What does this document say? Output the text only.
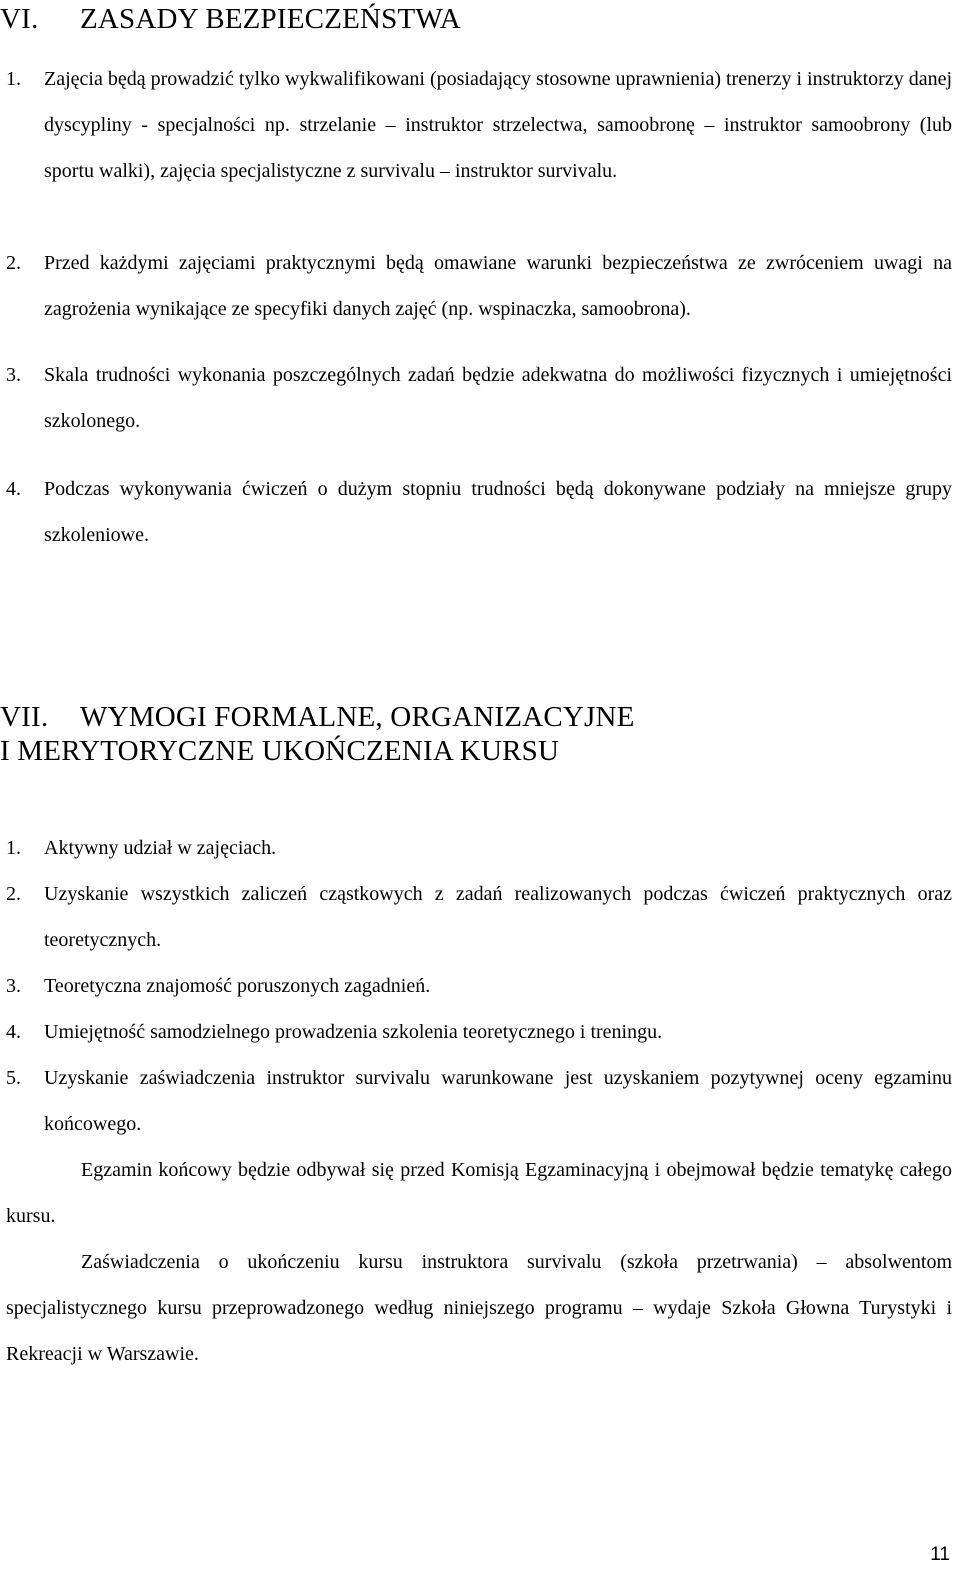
VI. ZASADY BEZPIECZEŃSTWA
1.	Zajęcia będą prowadzić tylko wykwalifikowani (posiadający stosowne uprawnienia) trenerzy i instruktorzy danej dyscypliny - specjalności np. strzelanie – instruktor strzelectwa, samoobronę – instruktor samoobrony (lub sportu walki), zajęcia specjalistyczne z survivalu – instruktor survivalu.
2.	Przed każdymi zajęciami praktycznymi będą omawiane warunki bezpieczeństwa ze zwróceniem uwagi na zagrożenia wynikające ze specyfiki danych zajęć (np. wspinaczka, samoobrona).
3.	Skala trudności wykonania poszczególnych zadań będzie adekwatna do możliwości fizycznych i umiejętności szkolonego.
4.	Podczas wykonywania ćwiczeń o dużym stopniu trudności będą dokonywane podziały na mniejsze grupy szkoleniowe.
VII. WYMOGI FORMALNE, ORGANIZACYJNE
I MERYTORYCZNE UKOŃCZENIA KURSU
1.	Aktywny udział w zajęciach.
2.	Uzyskanie wszystkich zaliczeń cząstkowych z zadań realizowanych podczas ćwiczeń praktycznych oraz teoretycznych.
3.	Teoretyczna znajomość poruszonych zagadnień.
4.	Umiejętność samodzielnego prowadzenia szkolenia teoretycznego i treningu.
5.	Uzyskanie zaświadczenia instruktor survivalu warunkowane jest uzyskaniem pozytywnej oceny egzaminu końcowego.
Egzamin końcowy będzie odbywał się przed Komisją Egzaminacyjną i obejmował będzie tematykę całego kursu.
Zaświadczenia o ukończeniu kursu instruktora survivalu (szkoła przetrwania) – absolwentom specjalistycznego kursu przeprowadzonego według niniejszego programu – wydaje Szkoła Głowna Turystyki i Rekreacji w Warszawie.
11
